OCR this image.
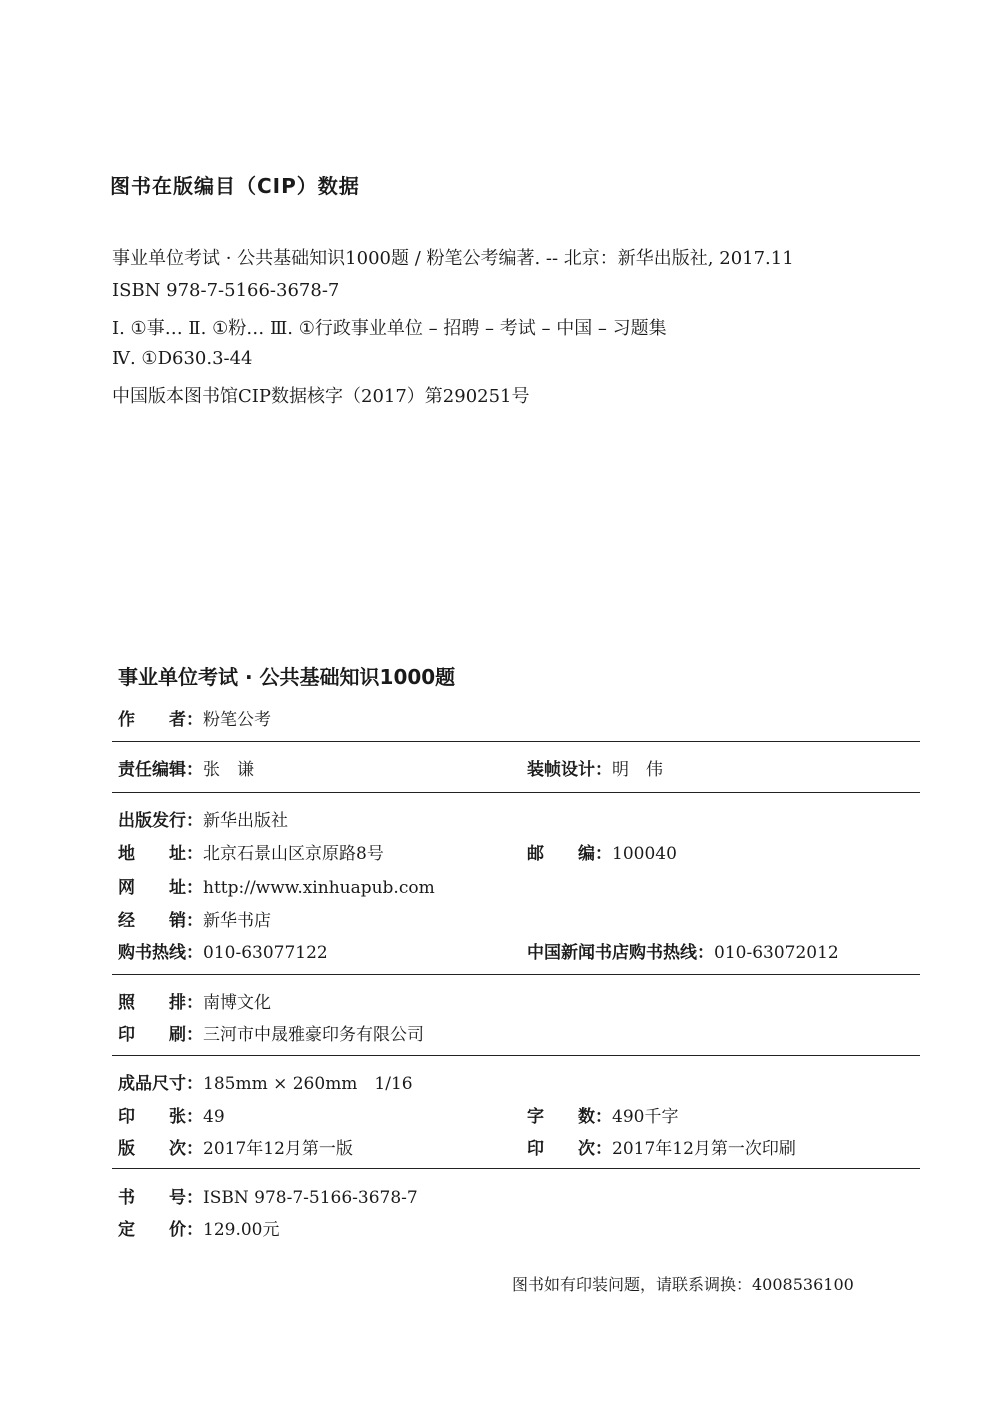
图书在版编目（CIP）数据
事业单位考试 · 公共基础知识1000题 / 粉笔公考编著. -- 北京：新华出版社, 2017.11
ISBN 978-7-5166-3678-7
Ⅰ. ①事… Ⅱ. ①粉… Ⅲ. ①行政事业单位 – 招聘 – 考试 – 中国 – 习题集
Ⅳ. ①D630.3-44
中国版本图书馆CIP数据核字（2017）第290251号
事业单位考试 · 公共基础知识1000题
作　　者：粉笔公考
责任编辑：张　谦	装帧设计：明　伟
出版发行：新华出版社
地　　址：北京石景山区京原路8号	邮　　编：100040
网　　址：http://www.xinhuapub.com
经　　销：新华书店
购书热线：010-63077122	中国新闻书店购书热线：010-63072012
照　　排：南博文化
印　　刷：三河市中晟雅豪印务有限公司
成品尺寸：185mm × 260mm　1/16
印　　张：49	字　　数：490千字
版　　次：2017年12月第一版	印　　次：2017年12月第一次印刷
书　　号：ISBN 978-7-5166-3678-7
定　　价：129.00元
图书如有印装问题，请联系调换：4008536100
